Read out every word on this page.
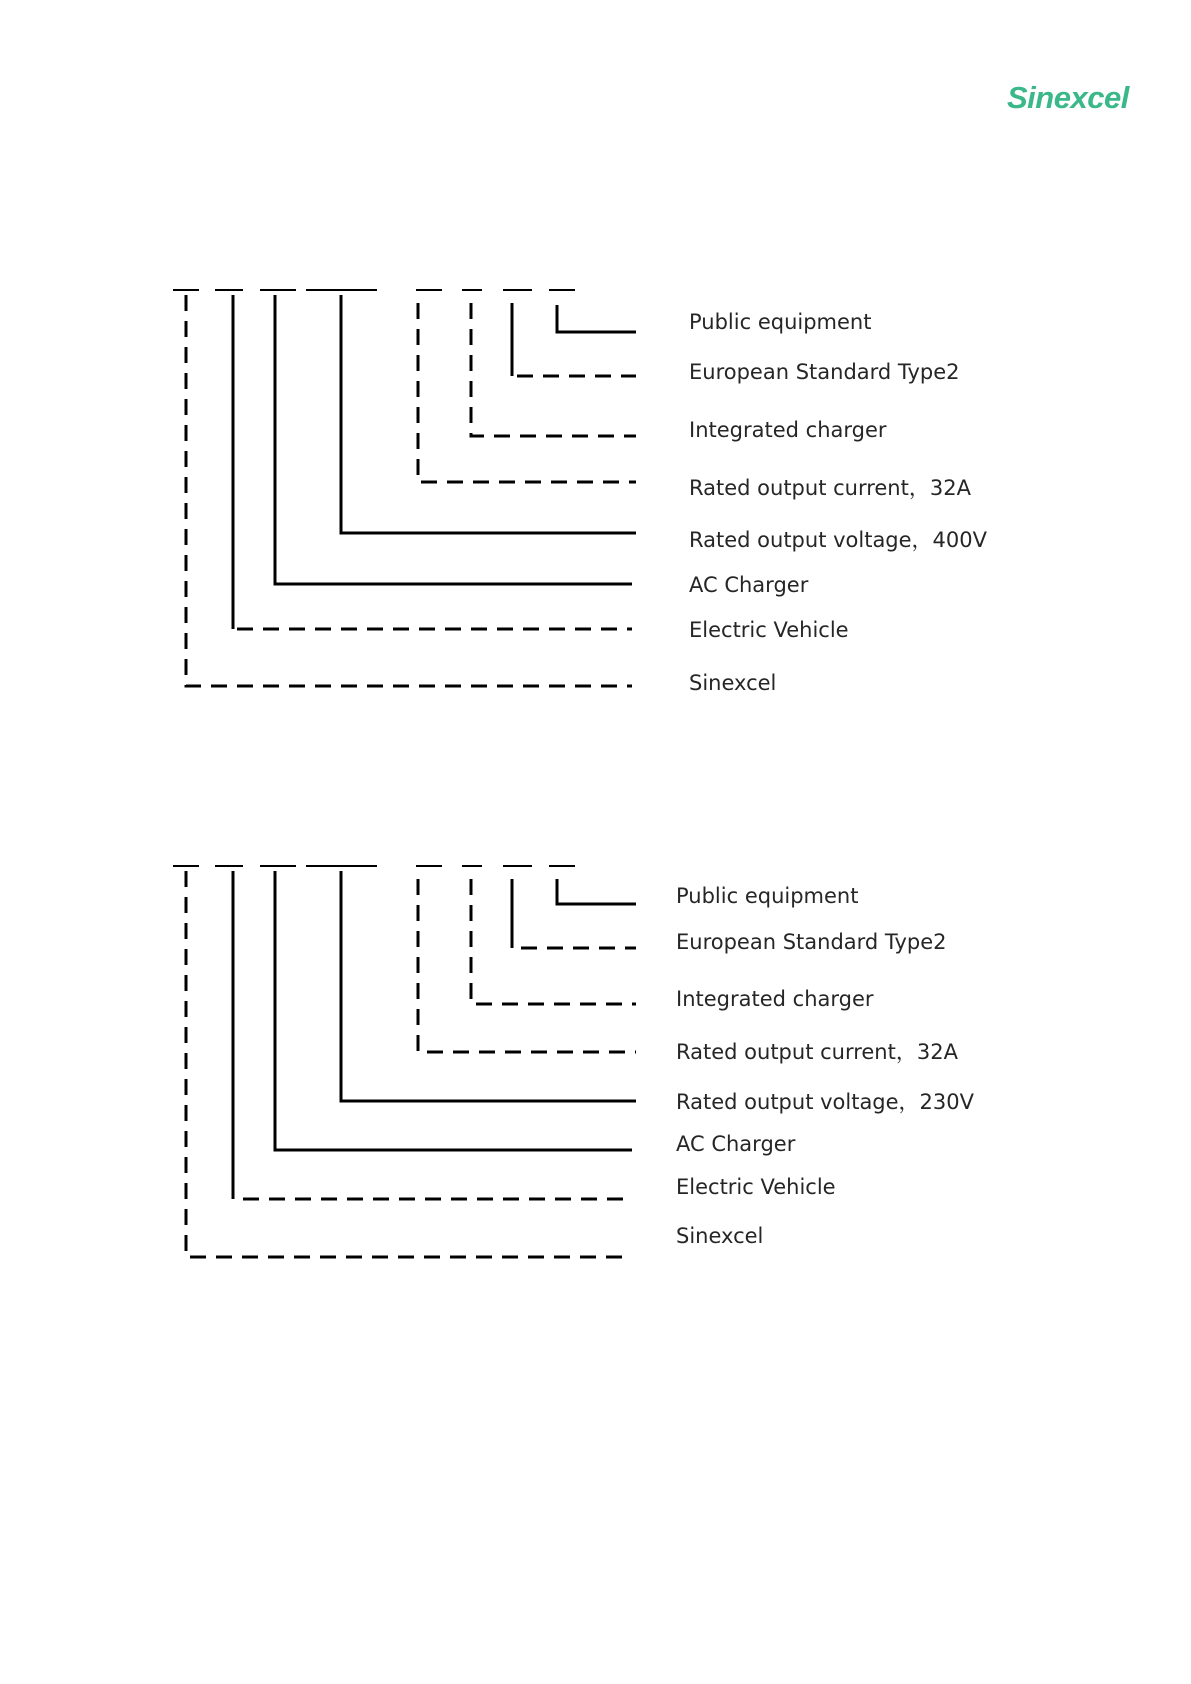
Sinexcel
Public equipment
European Standard Type2
Integrated charger
Rated output current，32A
Rated output voltage，400V
AC Charger
Electric Vehicle
Sinexcel
Public equipment
European Standard Type2
Integrated charger
Rated output current，32A
Rated output voltage，230V
AC Charger
Electric Vehicle
Sinexcel
